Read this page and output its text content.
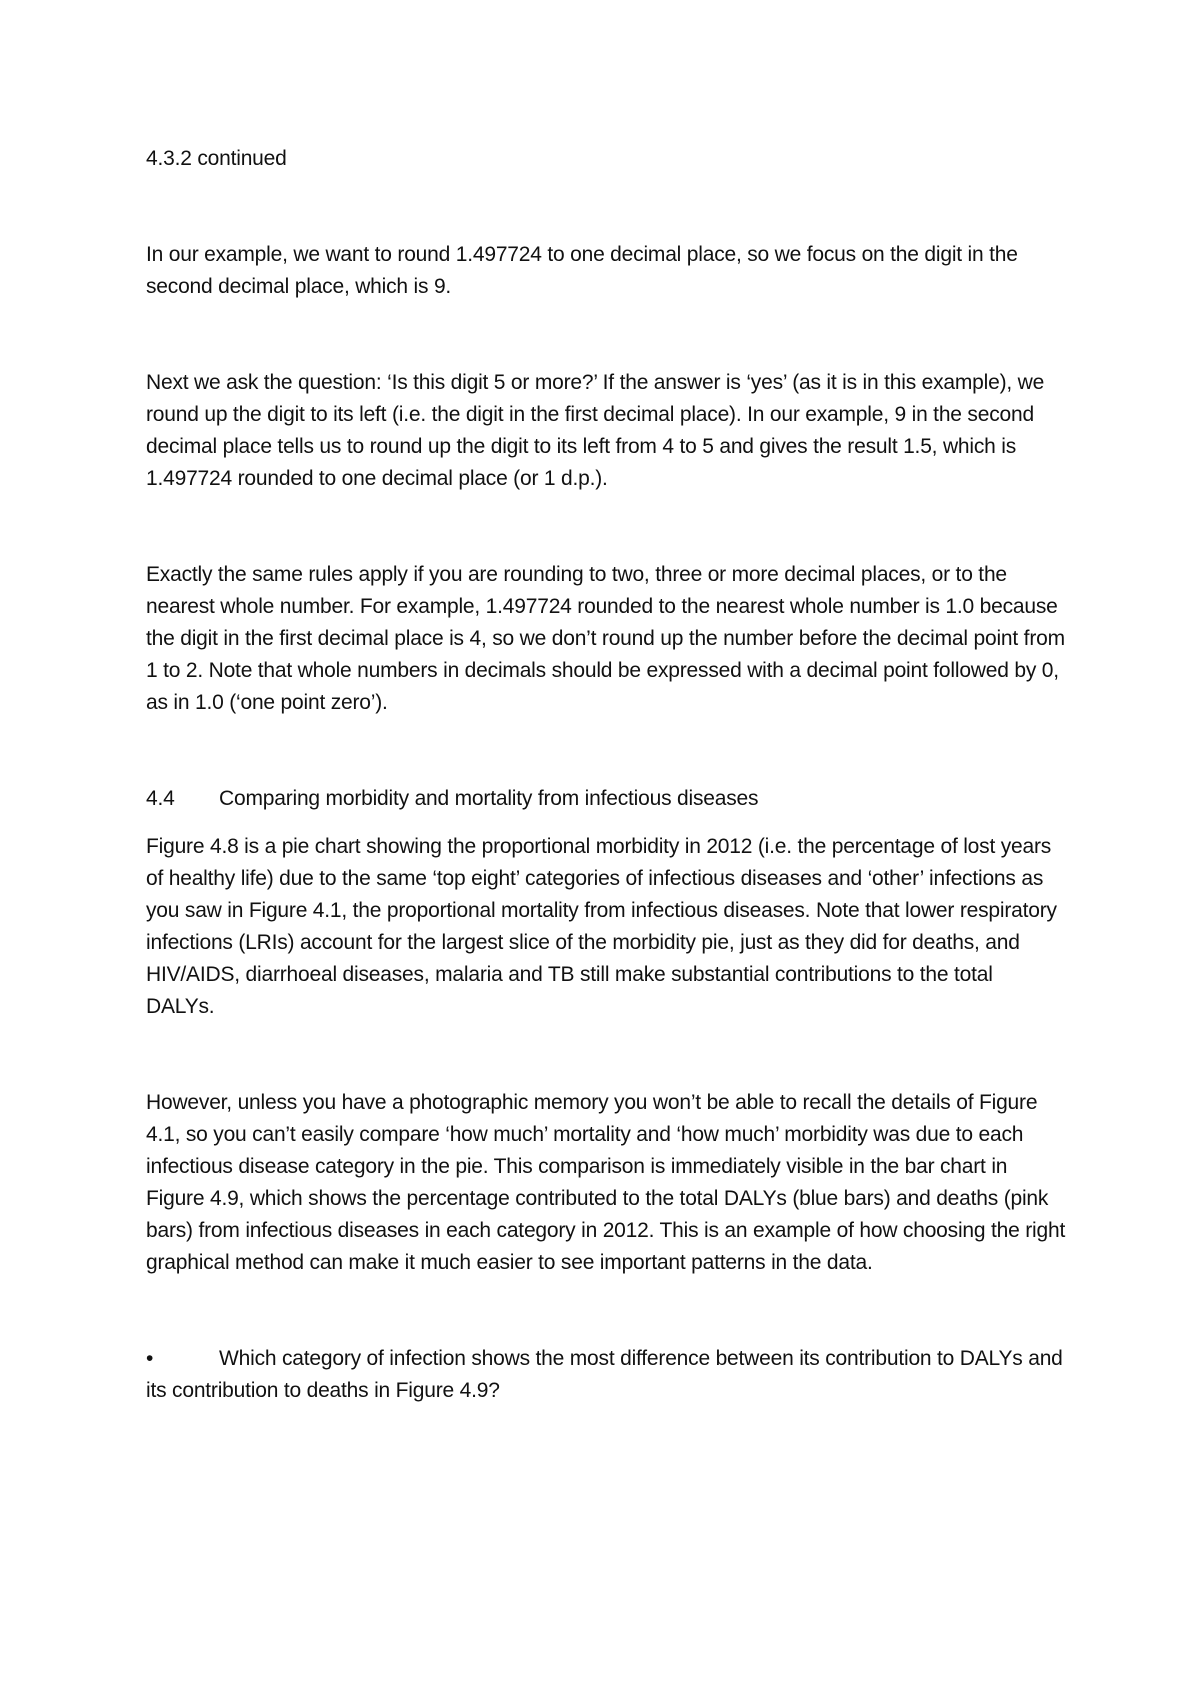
4.3.2 continued

In our example, we want to round 1.497724 to one decimal place, so we focus on the digit in the second decimal place, which is 9.

Next we ask the question: ‘Is this digit 5 or more?’ If the answer is ‘yes’ (as it is in this example), we round up the digit to its left (i.e. the digit in the first decimal place). In our example, 9 in the second decimal place tells us to round up the digit to its left from 4 to 5 and gives the result 1.5, which is 1.497724 rounded to one decimal place (or 1 d.p.).

Exactly the same rules apply if you are rounding to two, three or more decimal places, or to the nearest whole number. For example, 1.497724 rounded to the nearest whole number is 1.0 because the digit in the first decimal place is 4, so we don’t round up the number before the decimal point from 1 to 2. Note that whole numbers in decimals should be expressed with a decimal point followed by 0, as in 1.0 (‘one point zero’).

4.4	Comparing morbidity and mortality from infectious diseases

Figure 4.8 is a pie chart showing the proportional morbidity in 2012 (i.e. the percentage of lost years of healthy life) due to the same ‘top eight’ categories of infectious diseases and ‘other’ infections as you saw in Figure 4.1, the proportional mortality from infectious diseases. Note that lower respiratory infections (LRIs) account for the largest slice of the morbidity pie, just as they did for deaths, and HIV/AIDS, diarrhoeal diseases, malaria and TB still make substantial contributions to the total DALYs.

However, unless you have a photographic memory you won’t be able to recall the details of Figure 4.1, so you can’t easily compare ‘how much’ mortality and ‘how much’ morbidity was due to each infectious disease category in the pie. This comparison is immediately visible in the bar chart in Figure 4.9, which shows the percentage contributed to the total DALYs (blue bars) and deaths (pink bars) from infectious diseases in each category in 2012. This is an example of how choosing the right graphical method can make it much easier to see important patterns in the data.

•	Which category of infection shows the most difference between its contribution to DALYs and its contribution to deaths in Figure 4.9?
